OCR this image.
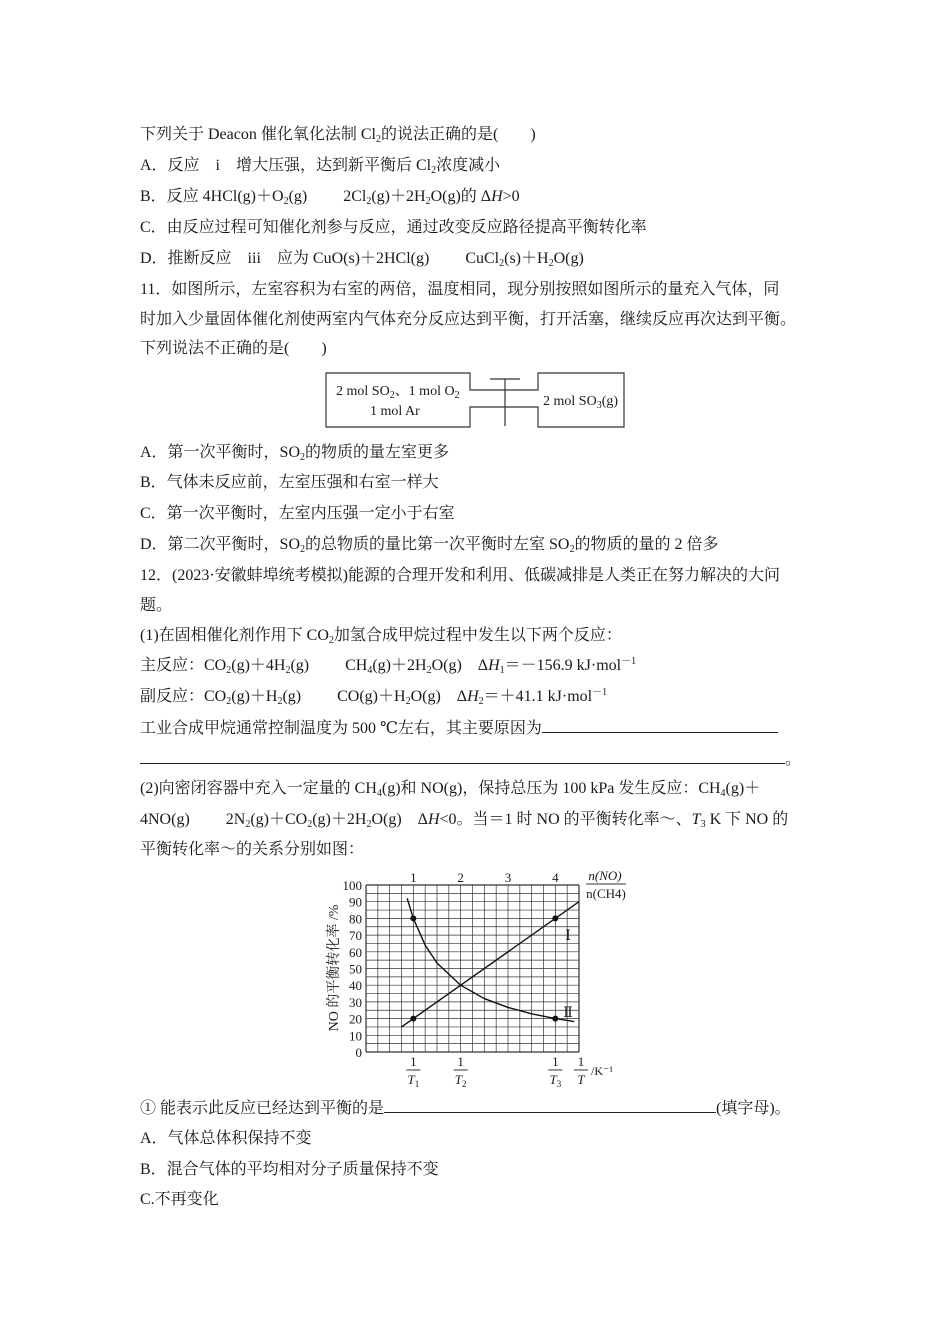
下列关于 Deacon 催化氧化法制 $Cl_2$的说法正确的是(　　)
A．反应　i　增大压强，达到新平衡后 $Cl_2$浓度减小
B．反应 $4HCl(g)+O_2(g)$　　 $2Cl_2(g)+2H_2O(g)$的 ΔH>0
C．由反应过程可知催化剂参与反应，通过改变反应路径提高平衡转化率
D．推断反应　iii　应为 CuO(s)＋2HCl(g)　　 $CuCl_2(s)+H_2O(g)$
11．如图所示，左室容积为右室的两倍，温度相同，现分别按照如图所示的量充入气体，同
时加入少量固体催化剂使两室内气体充分反应达到平衡，打开活塞，继续反应再次达到平衡。
下列说法不正确的是(　　)
2 mol $SO_2$、1 mol $O_2$
1 mol Ar
2 mol $SO_3(g)$
A．第一次平衡时，$SO_2$的物质的量左室更多
B．气体未反应前，左室压强和右室一样大
C．第一次平衡时，左室内压强一定小于右室
D．第二次平衡时，$SO_2$的总物质的量比第一次平衡时左室 $SO_2$的物质的量的 2 倍多
12．(2023·安徽蚌埠统考模拟)能源的合理开发和利用、低碳减排是人类正在努力解决的大问
题。
(1)在固相催化剂作用下 $CO_2$加氢合成甲烷过程中发生以下两个反应：
主反应：$CO_2(g)+4H_2(g)$　　 $CH_4(g)+2H_2O(g)$　$\Delta H_1=-156.9$ kJ·mol$^{-1}$
副反应：$CO_2(g)+H_2(g)$　　 $CO(g)+H_2O(g)$　$\Delta H_2=+41.1$ kJ·mol$^{-1}$
工业合成甲烷通常控制温度为 500 ℃左右，其主要原因为
。
(2)向密闭容器中充入一定量的 $CH_4(g)$和 NO(g)，保持总压为 100 kPa 发生反应：$CH_4(g)+$
4NO(g)　　 $2N_2(g)+CO_2(g)+2H_2O(g)$　ΔH<0。当＝1 时 NO 的平衡转化率～、$T_3$ K 下 NO 的
平衡转化率～的关系分别如图：
0
10
20
30
40
50
60
70
80
90
100
1	2	3	4 n(NO)
n(CH4)
NO 的平衡转化率 /%
1
$T_1$
1
$T_2$
1
$T_3$
1
T
/K⁻¹
Ⅰ
Ⅱ
① 能表示此反应已经达到平衡的是	(填字母)。
A．气体总体积保持不变
B．混合气体的平均相对分子质量保持不变
C.不再变化
